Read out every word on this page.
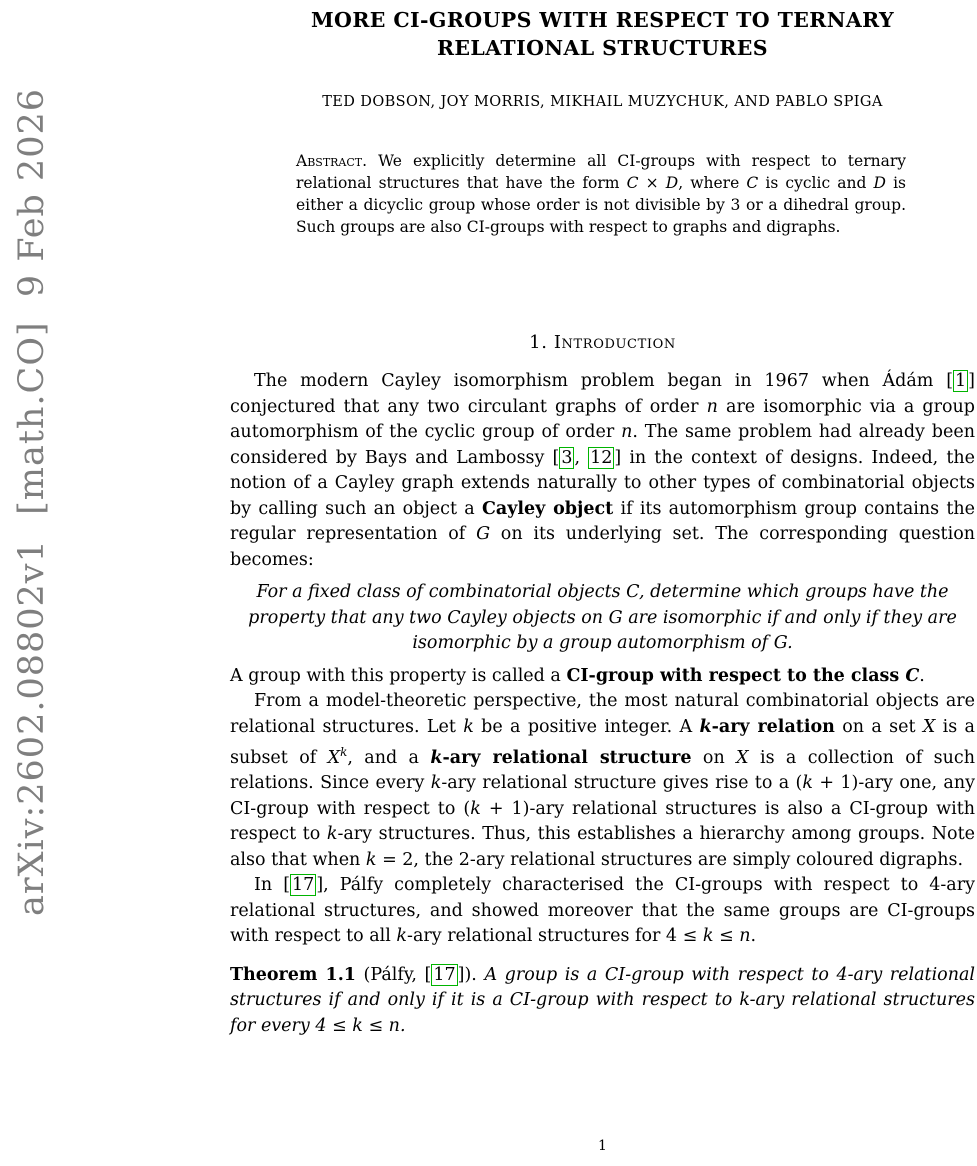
arXiv:2602.08802v1  [math.CO]  9 Feb 2026
MORE CI-GROUPS WITH RESPECT TO TERNARY
RELATIONAL STRUCTURES
TED DOBSON, JOY MORRIS, MIKHAIL MUZYCHUK, AND PABLO SPIGA
Abstract. We explicitly determine all CI-groups with respect to ternary relational structures that have the form C × D, where C is cyclic and D is either a dicyclic group whose order is not divisible by 3 or a dihedral group. Such groups are also CI-groups with respect to graphs and digraphs.
1. Introduction

The modern Cayley isomorphism problem began in 1967 when Ádám [ 1 ] conjectured that any two circulant graphs of order n are isomorphic via a group automorphism of the cyclic group of order n. The same problem had already been considered by Bays and Lambossy [ 3 , 12 ] in the context of designs. Indeed, the notion of a Cayley graph extends naturally to other types of combinatorial objects by calling such an object a Cayley object if its automorphism group contains the regular representation of G on its underlying set. The corresponding question becomes:

For a fixed class of combinatorial objects C, determine which groups have the property that any two Cayley objects on G are isomorphic if and only if they are isomorphic by a group automorphism of G.

A group with this property is called a CI-group with respect to the class C.

From a model-theoretic perspective, the most natural combinatorial objects are relational structures. Let k be a positive integer. A k-ary relation on a set X is a subset of $X^k$, and a k-ary relational structure on X is a collection of such relations. Since every k-ary relational structure gives rise to a (k + 1)-ary one, any CI-group with respect to (k + 1)-ary relational structures is also a CI-group with respect to k-ary structures. Thus, this establishes a hierarchy among groups. Note also that when k = 2, the 2-ary relational structures are simply coloured digraphs.

In [ 17 ], Pálfy completely characterised the CI-groups with respect to 4-ary relational structures, and showed moreover that the same groups are CI-groups with respect to all k-ary relational structures for 4 ≤ k ≤ n.

Theorem 1.1 (Pálfy, [ 17 ]). A group is a CI-group with respect to 4-ary relational structures if and only if it is a CI-group with respect to k-ary relational structures for every 4 ≤ k ≤ n.
1
